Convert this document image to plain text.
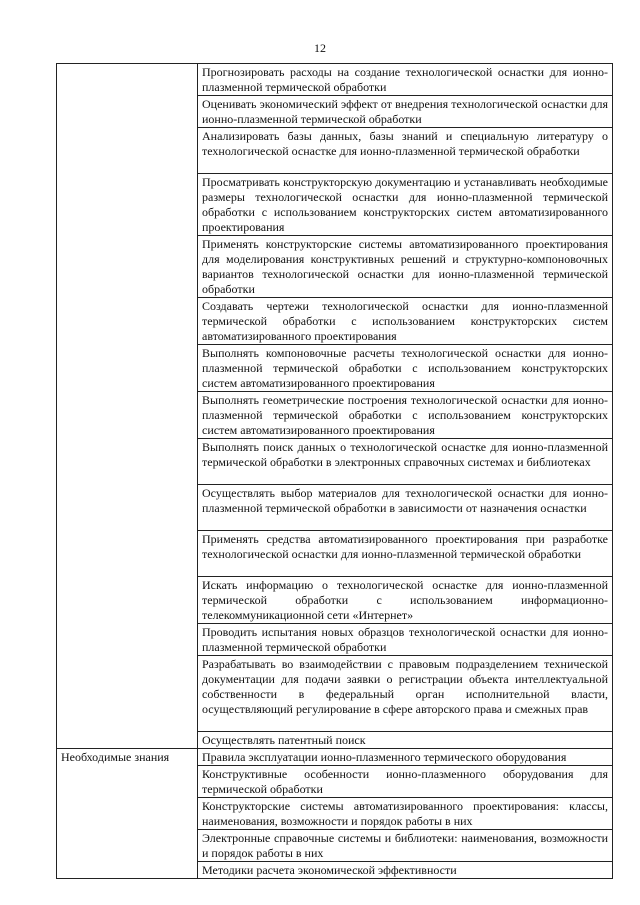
12

	Прогнозировать расходы на создание технологической оснастки для ионно-плазменной термической обработки

	Оценивать экономический эффект от внедрения технологической оснастки для ионно-плазменной термической обработки

	Анализировать базы данных, базы знаний и специальную литературу о технологической оснастке для ионно-плазменной термической обработки

	Просматривать конструкторскую документацию и устанавливать необходимые размеры технологической оснастки для ионно-плазменной термической обработки с использованием конструкторских систем автоматизированного проектирования

	Применять конструкторские системы автоматизированного проектирования для моделирования конструктивных решений и структурно-компоновочных вариантов технологической оснастки для ионно-плазменной термической обработки

	Создавать чертежи технологической оснастки для ионно-плазменной термической обработки с использованием конструкторских систем автоматизированного проектирования

	Выполнять компоновочные расчеты технологической оснастки для ионно-плазменной термической обработки с использованием конструкторских систем автоматизированного проектирования

	Выполнять геометрические построения технологической оснастки для ионно-плазменной термической обработки с использованием конструкторских систем автоматизированного проектирования

	Выполнять поиск данных о технологической оснастке для ионно-плазменной термической обработки в электронных справочных системах и библиотеках

	Осуществлять выбор материалов для технологической оснастки для ионно-плазменной термической обработки в зависимости от назначения оснастки

	Применять средства автоматизированного проектирования при разработке технологической оснастки для ионно-плазменной термической обработки

	Искать информацию о технологической оснастке для ионно-плазменной термической обработки с использованием информационно-телекоммуникационной сети «Интернет»

	Проводить испытания новых образцов технологической оснастки для ионно-плазменной термической обработки

	Разрабатывать во взаимодействии с правовым подразделением технической документации для подачи заявки о регистрации объекта интеллектуальной собственности в федеральный орган исполнительной власти, осуществляющий регулирование в сфере авторского права и смежных прав

	Осуществлять патентный поиск

Необходимые знания	Правила эксплуатации ионно-плазменного термического оборудования

	Конструктивные особенности ионно-плазменного оборудования для термической обработки

	Конструкторские системы автоматизированного проектирования: классы, наименования, возможности и порядок работы в них

	Электронные справочные системы и библиотеки: наименования, возможности и порядок работы в них

	Методики расчета экономической эффективности
